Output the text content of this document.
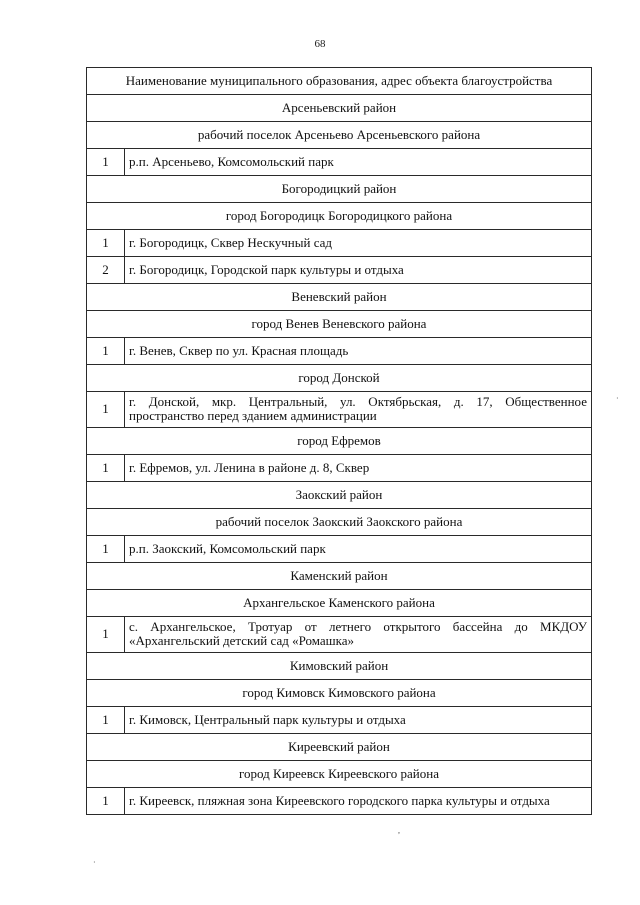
68
Наименование муниципального образования, адрес объекта благоустройства	
Арсеньевский район	
рабочий поселок Арсеньево Арсеньевского района	
1	р.п. Арсеньево, Комсомольский парк
Богородицкий район	
город Богородицк Богородицкого района	
1	г. Богородицк, Сквер Нескучный сад
2	г. Богородицк, Городской парк культуры и отдыха
Веневский район	
город Венев Веневского района	
1	г. Венев, Сквер по ул. Красная площадь
город Донской	
1	г. Донской, мкр. Центральный, ул. Октябрьская, д. 17, Общественное пространство перед зданием администрации
город Ефремов	
1	г. Ефремов, ул. Ленина в районе д. 8, Сквер
Заокский район	
рабочий поселок Заокский Заокского района	
1	р.п. Заокский, Комсомольский парк
Каменский район	
Архангельское Каменского района	
1	с. Архангельское, Тротуар от летнего открытого бассейна до МКДОУ «Архангельский детский сад «Ромашка»
Кимовский район	
город Кимовск Кимовского района	
1	г. Кимовск, Центральный парк культуры и отдыха
Киреевский район	
город Киреевск Киреевского района	
1	г. Киреевск, пляжная зона Киреевского городского парка культуры и отдыха
·
·
,
